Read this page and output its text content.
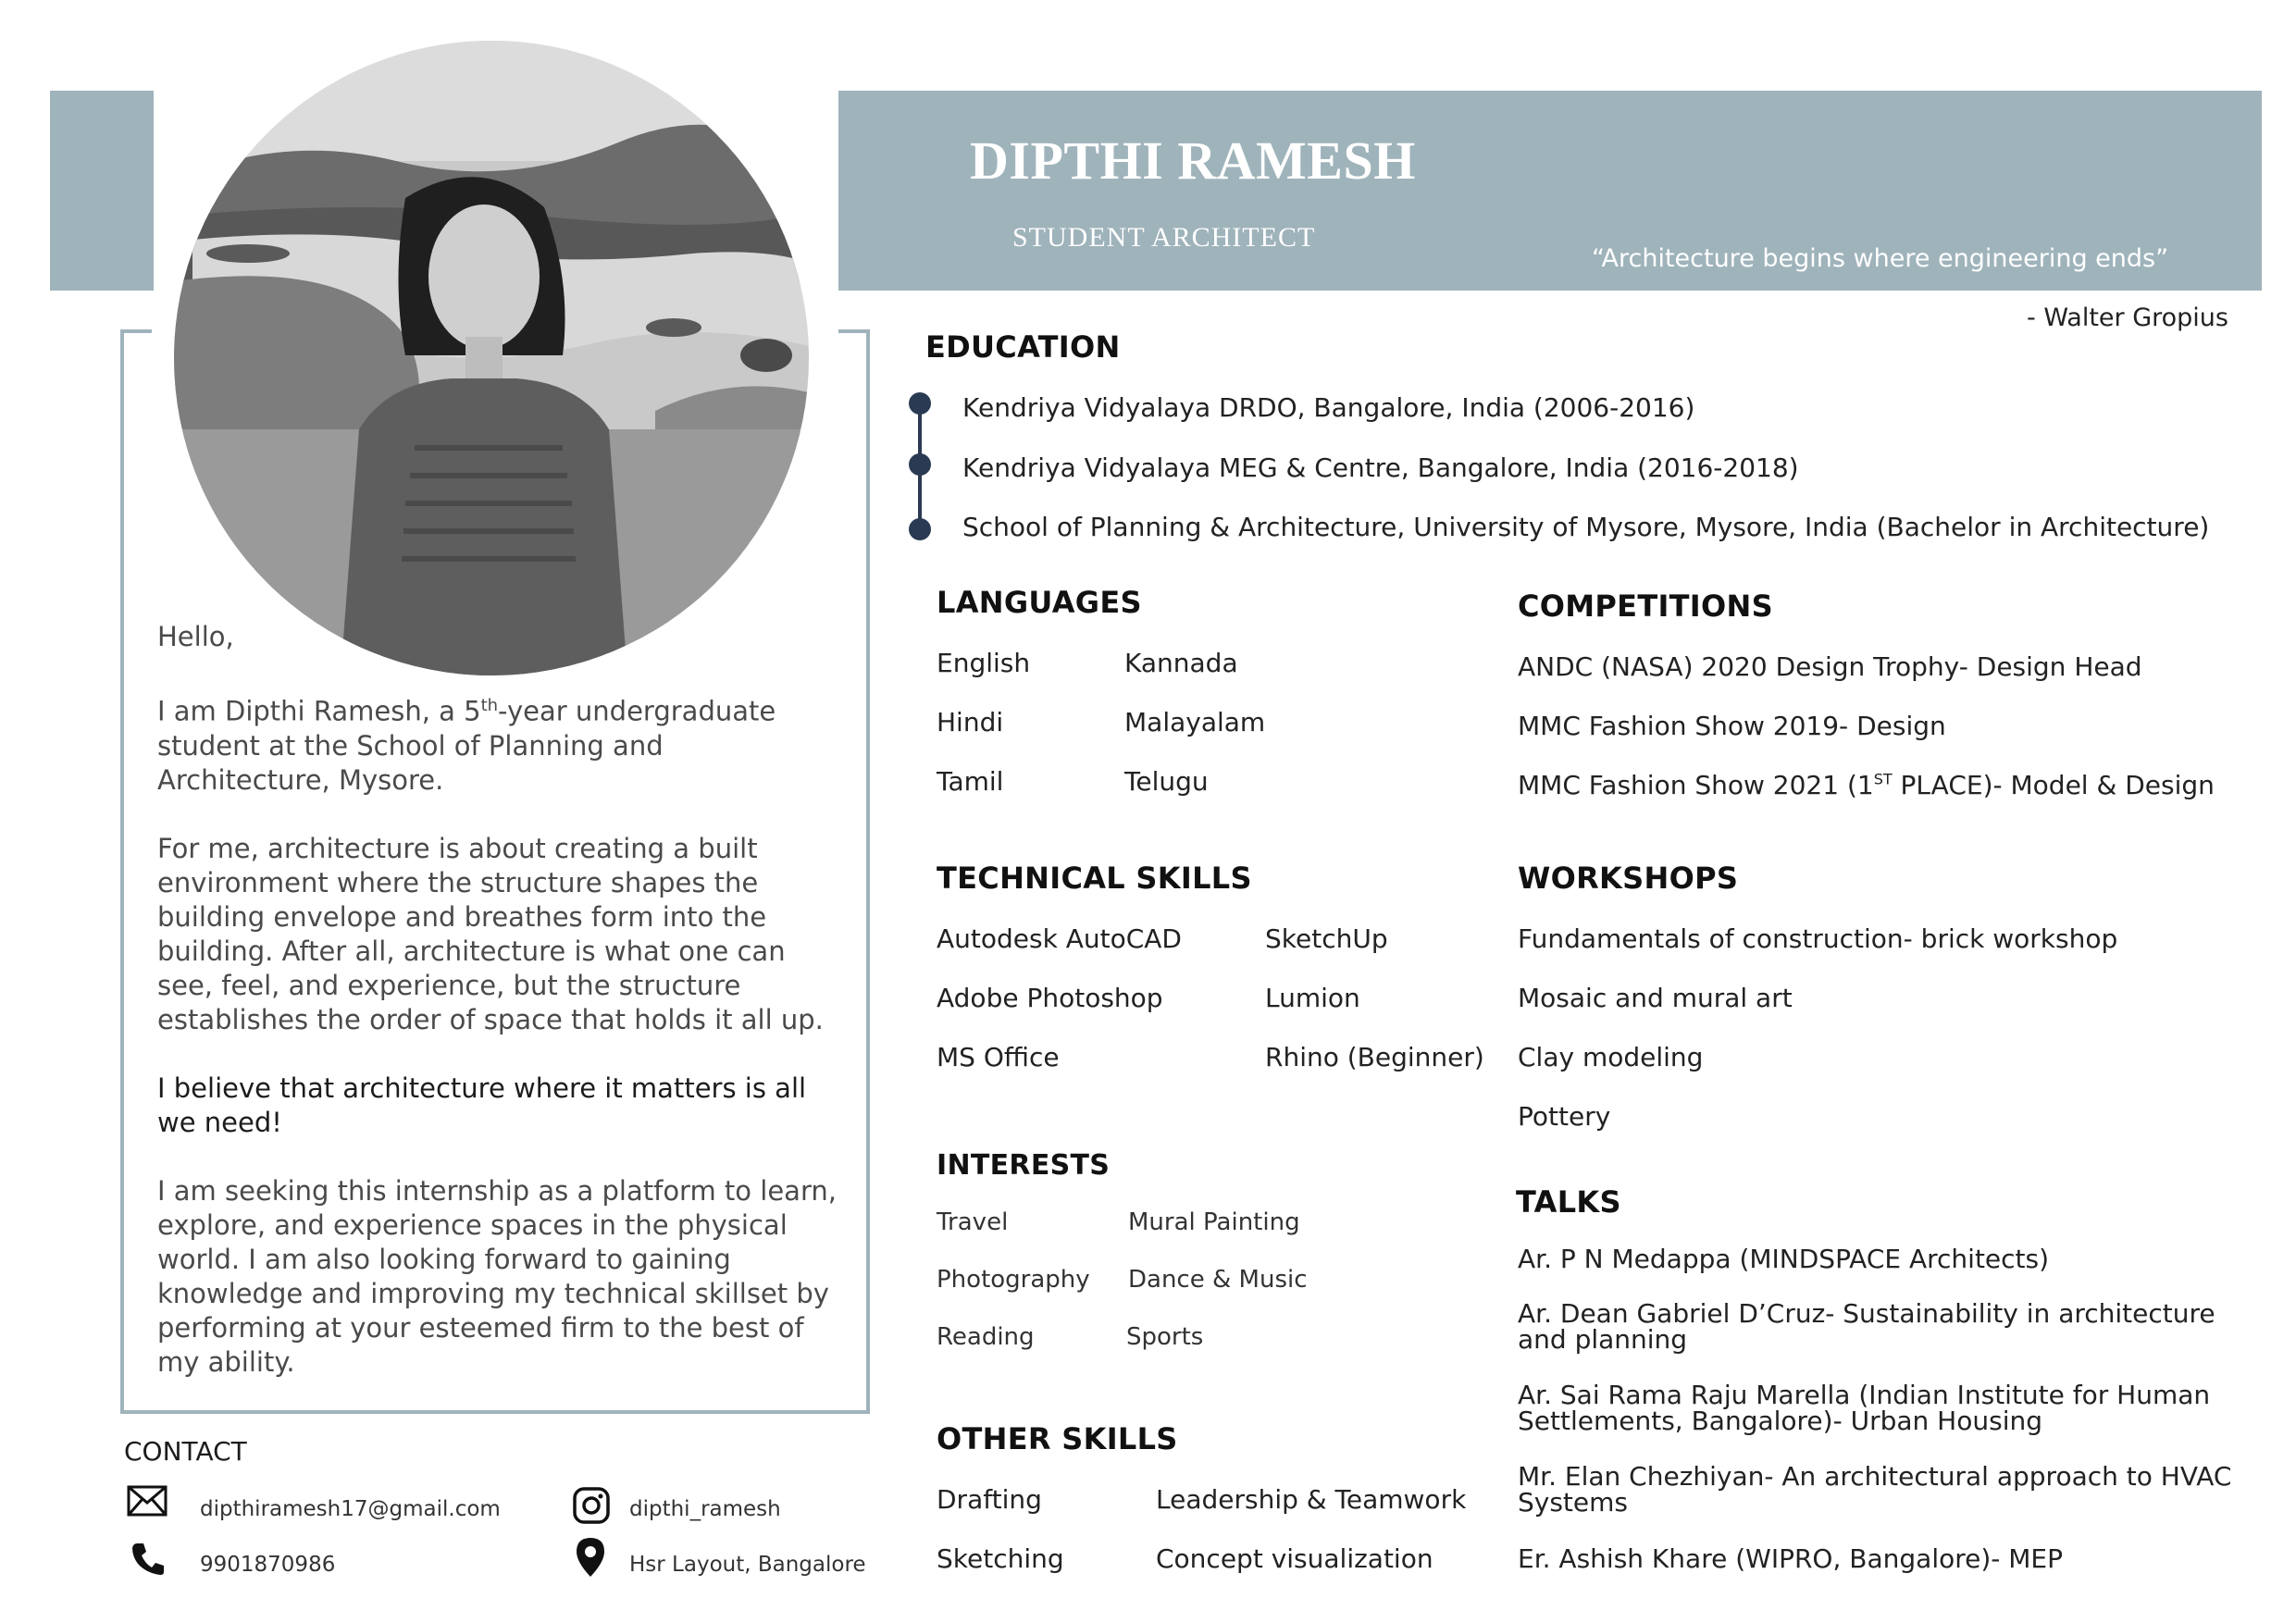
DIPTHI RAMESH
STUDENT ARCHITECT
“Architecture begins where engineering ends”
- Walter Gropius

Hello,

I am Dipthi Ramesh, a 5th-year undergraduate student at the School of Planning and Architecture, Mysore.

For me, architecture is about creating a built environment where the structure shapes the building envelope and breathes form into the building. After all, architecture is what one can see, feel, and experience, but the structure establishes the order of space that holds it all up.

I believe that architecture where it matters is all we need!

I am seeking this internship as a platform to learn, explore, and experience spaces in the physical world. I am also looking forward to gaining knowledge and improving my technical skillset by performing at your esteemed firm to the best of my ability.

CONTACT
dipthiramesh17@gmail.com	dipthi_ramesh
9901870986	Hsr Layout, Bangalore
EDUCATION
Kendriya Vidyalaya DRDO, Bangalore, India (2006-2016)
Kendriya Vidyalaya MEG & Centre, Bangalore, India (2016-2018)
School of Planning & Architecture, University of Mysore, Mysore, India (Bachelor in Architecture)
LANGUAGES
English	Kannada
Hindi	Malayalam
Tamil	Telugu
TECHNICAL SKILLS
Autodesk AutoCAD	SketchUp
Adobe Photoshop	Lumion
MS Office	Rhino (Beginner)
INTERESTS
Travel	Mural Painting
Photography Dance & Music
Reading	Sports
OTHER SKILLS
Drafting	Leadership & Teamwork
Sketching	Concept visualization
COMPETITIONS
ANDC (NASA) 2020 Design Trophy- Design Head
MMC Fashion Show 2019- Design
MMC Fashion Show 2021 (1ST PLACE)- Model & Design
WORKSHOPS
Fundamentals of construction- brick workshop
Mosaic and mural art
Clay modeling
Pottery
TALKS
Ar. P N Medappa (MINDSPACE Architects)
Ar. Dean Gabriel D’Cruz- Sustainability in architecture and planning
Ar. Sai Rama Raju Marella (Indian Institute for Human Settlements, Bangalore)- Urban Housing
Mr. Elan Chezhiyan- An architectural approach to HVAC Systems
Er. Ashish Khare (WIPRO, Bangalore)- MEP
